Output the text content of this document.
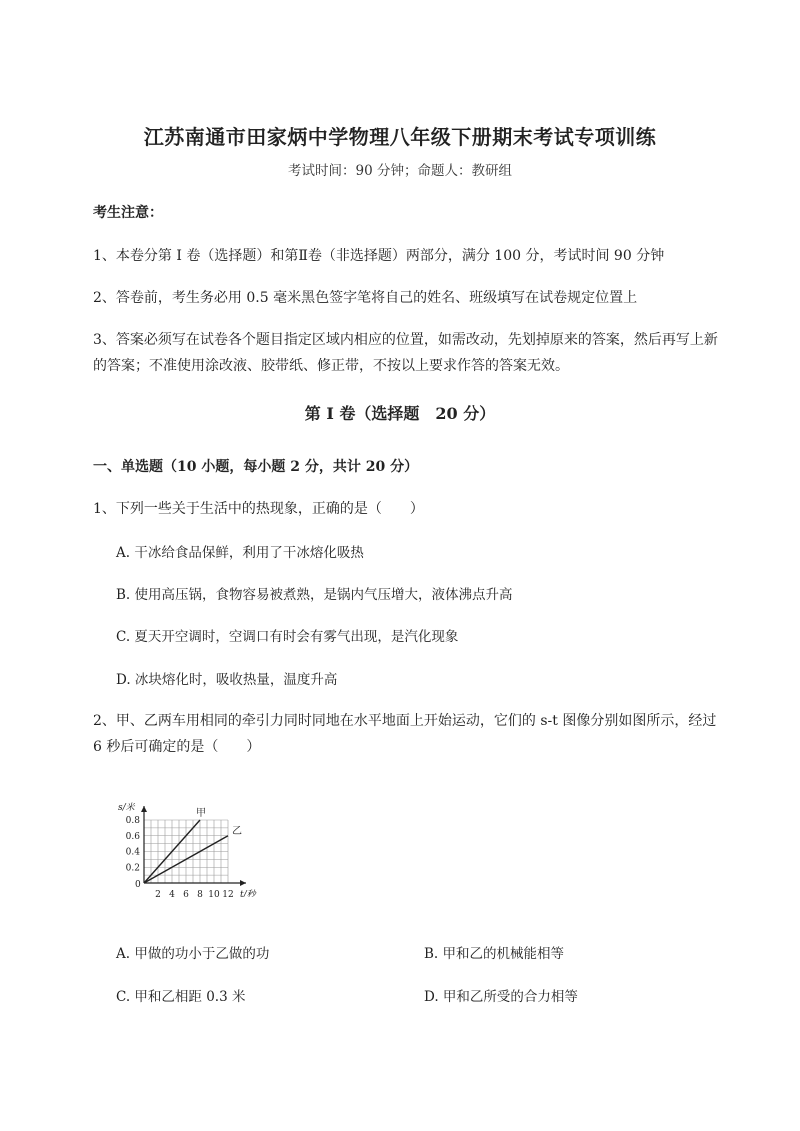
江苏南通市田家炳中学物理八年级下册期末考试专项训练
考试时间：90 分钟；命题人：教研组
考生注意：
1、本卷分第 I 卷（选择题）和第Ⅱ卷（非选择题）两部分，满分 100 分，考试时间 90 分钟
2、答卷前，考生务必用 0.5 毫米黑色签字笔将自己的姓名、班级填写在试卷规定位置上
3、答案必须写在试卷各个题目指定区域内相应的位置，如需改动，先划掉原来的答案，然后再写上新
的答案；不准使用涂改液、胶带纸、修正带，不按以上要求作答的答案无效。
第 I 卷（选择题　20 分）
一、单选题（10 小题，每小题 2 分，共计 20 分）
1、下列一些关于生活中的热现象，正确的是（　　）
A. 干冰给食品保鲜，利用了干冰熔化吸热
B. 使用高压锅，食物容易被煮熟，是锅内气压增大，液体沸点升高
C. 夏天开空调时，空调口有时会有雾气出现，是汽化现象
D. 冰块熔化时，吸收热量，温度升高
2、甲、乙两车用相同的牵引力同时同地在水平地面上开始运动，它们的 s-t 图像分别如图所示，经过
6 秒后可确定的是（　　）
0
2 4 6 8 10 12
0.2
0.4
0.6
0.8
s/米
t/秒
甲
乙
A. 甲做的功小于乙做的功	B. 甲和乙的机械能相等
C. 甲和乙相距 0.3 米	D. 甲和乙所受的合力相等
